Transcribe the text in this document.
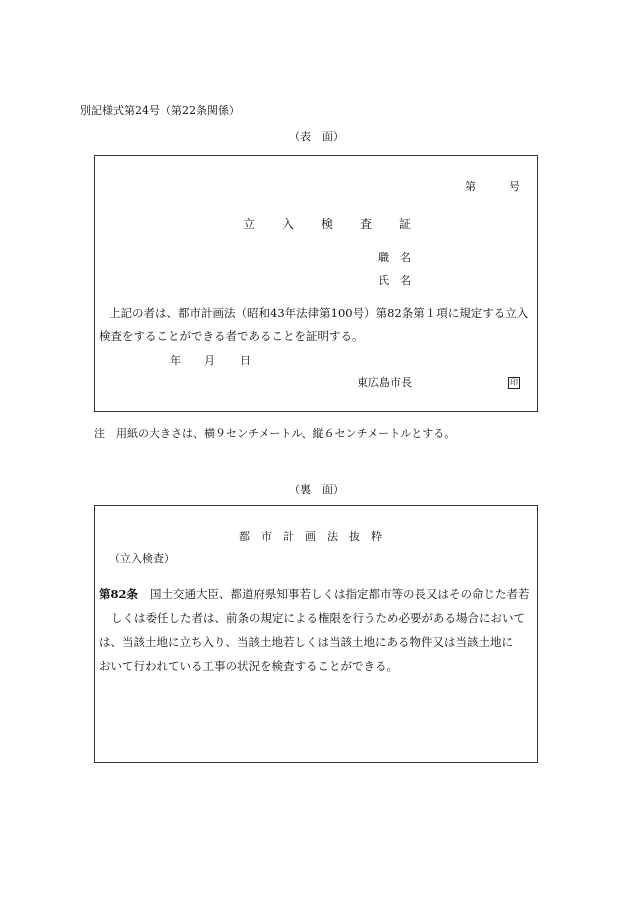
別記様式第24号（第22条関係）
（表　面）
第	号
立　　入　　検　　査　　証
職　名
氏　名
上記の者は、都市計画法（昭和43年法律第100号）第82条第１項に規定する立入
検査をすることができる者であることを証明する。
年 月 日
東広島市長	印
注　用紙の大きさは、横９センチメートル、縦６センチメートルとする。
（裏　面）
都　市　計　画　法　抜　粋
（立入検査）
第82条 国土交通大臣、都道府県知事若しくは指定都市等の長又はその命じた者若
しくは委任した者は、前条の規定による権限を行うため必要がある場合において
は、当該土地に立ち入り、当該土地若しくは当該土地にある物件又は当該土地に
おいて行われている工事の状況を検査することができる。
